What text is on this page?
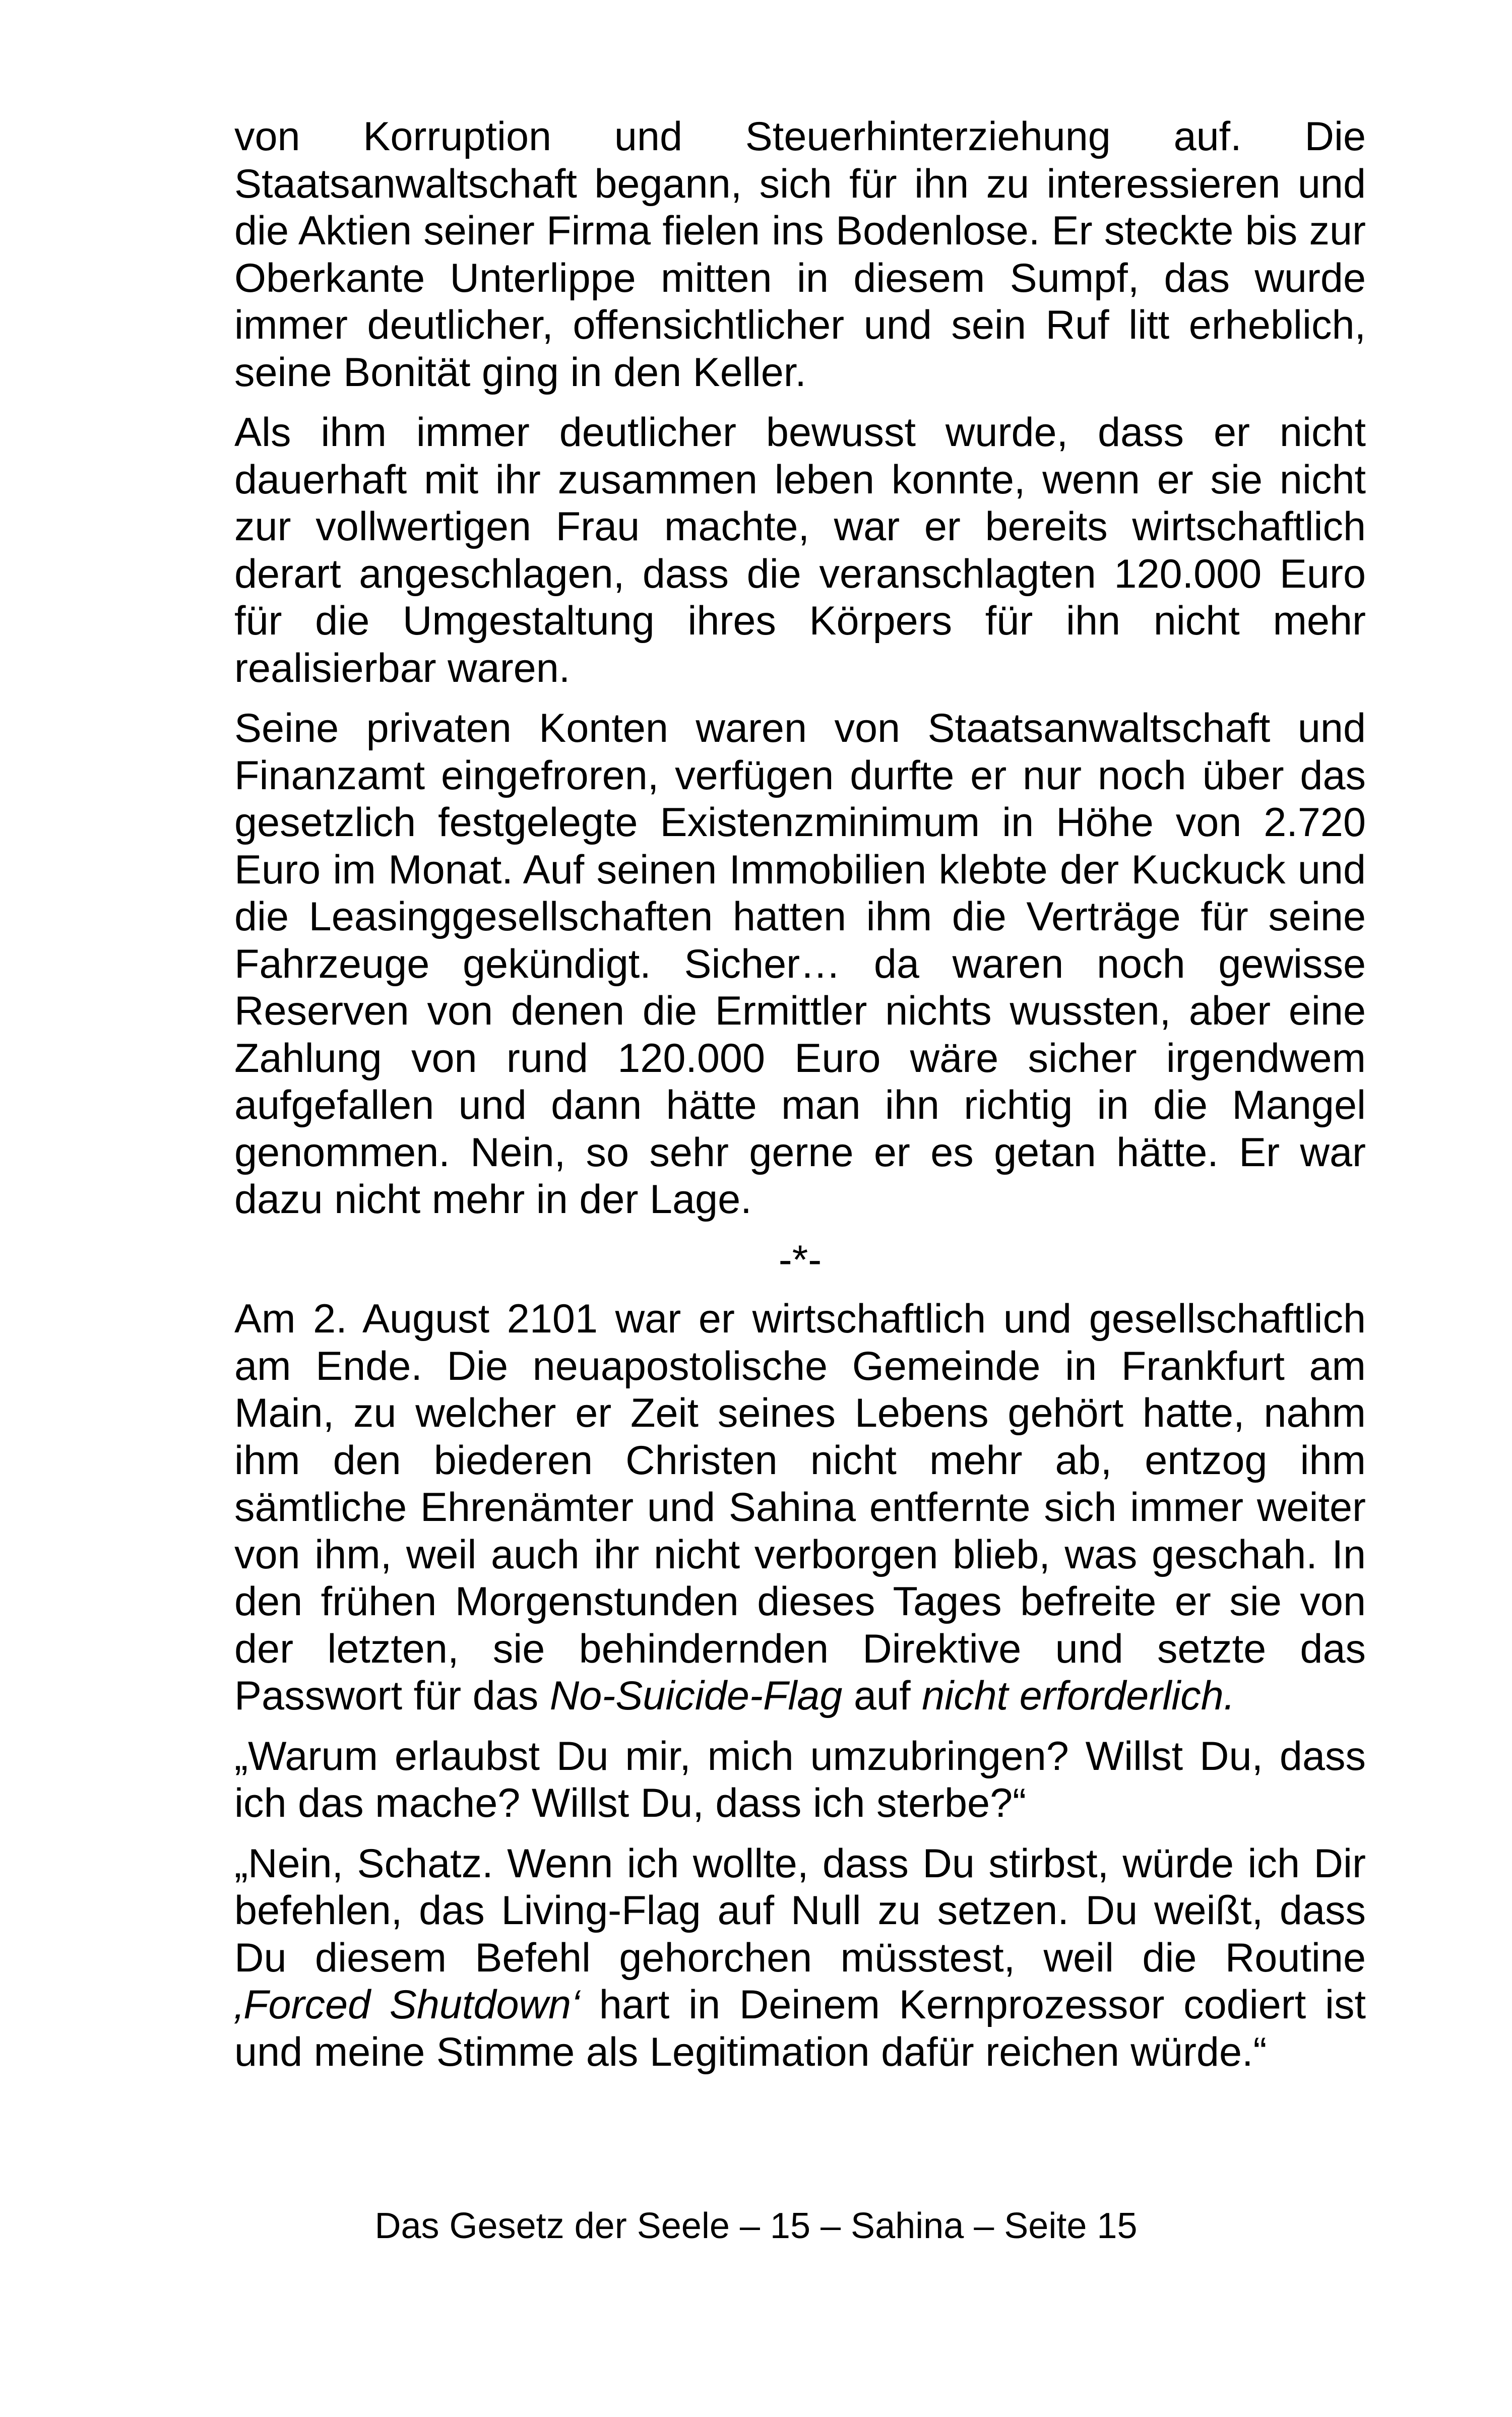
von Korruption und Steuerhinterziehung auf. Die Staatsanwaltschaft begann, sich für ihn zu interessieren und die Aktien seiner Firma fielen ins Bodenlose. Er steckte bis zur Oberkante Unterlippe mitten in diesem Sumpf, das wurde immer deutlicher, offensichtlicher und sein Ruf litt erheblich, seine Bonität ging in den Keller.

Als ihm immer deutlicher bewusst wurde, dass er nicht dauerhaft mit ihr zusammen leben konnte, wenn er sie nicht zur vollwertigen Frau machte, war er bereits wirtschaftlich derart angeschlagen, dass die veranschlagten 120.000 Euro für die Umgestaltung ihres Körpers für ihn nicht mehr realisierbar waren.

Seine privaten Konten waren von Staatsanwaltschaft und Finanzamt eingefroren, verfügen durfte er nur noch über das gesetzlich festgelegte Existenzminimum in Höhe von 2.720 Euro im Monat. Auf seinen Immobilien klebte der Kuckuck und die Leasinggesellschaften hatten ihm die Verträge für seine Fahrzeuge gekündigt. Sicher… da waren noch gewisse Reserven von denen die Ermittler nichts wussten, aber eine Zahlung von rund 120.000 Euro wäre sicher irgendwem aufgefallen und dann hätte man ihn richtig in die Mangel genommen. Nein, so sehr gerne er es getan hätte. Er war dazu nicht mehr in der Lage.

-*-

Am 2. August 2101 war er wirtschaftlich und gesellschaftlich am Ende. Die neuapostolische Gemeinde in Frankfurt am Main, zu welcher er Zeit seines Lebens gehört hatte, nahm ihm den biederen Christen nicht mehr ab, entzog ihm sämtliche Ehrenämter und Sahina entfernte sich immer weiter von ihm, weil auch ihr nicht verborgen blieb, was geschah. In den frühen Morgenstunden dieses Tages befreite er sie von der letzten, sie behindernden Direktive und setzte das Passwort für das No-Suicide-Flag auf nicht erforderlich.

„Warum erlaubst Du mir, mich umzubringen? Willst Du, dass ich das mache? Willst Du, dass ich sterbe?“

„Nein, Schatz. Wenn ich wollte, dass Du stirbst, würde ich Dir befehlen, das Living-Flag auf Null zu setzen. Du weißt, dass Du diesem Befehl gehorchen müsstest, weil die Routine ‚Forced Shutdown‘ hart in Deinem Kernprozessor codiert ist und meine Stimme als Legitimation dafür reichen würde.“

Das Gesetz der Seele – 15 – Sahina – Seite 15
